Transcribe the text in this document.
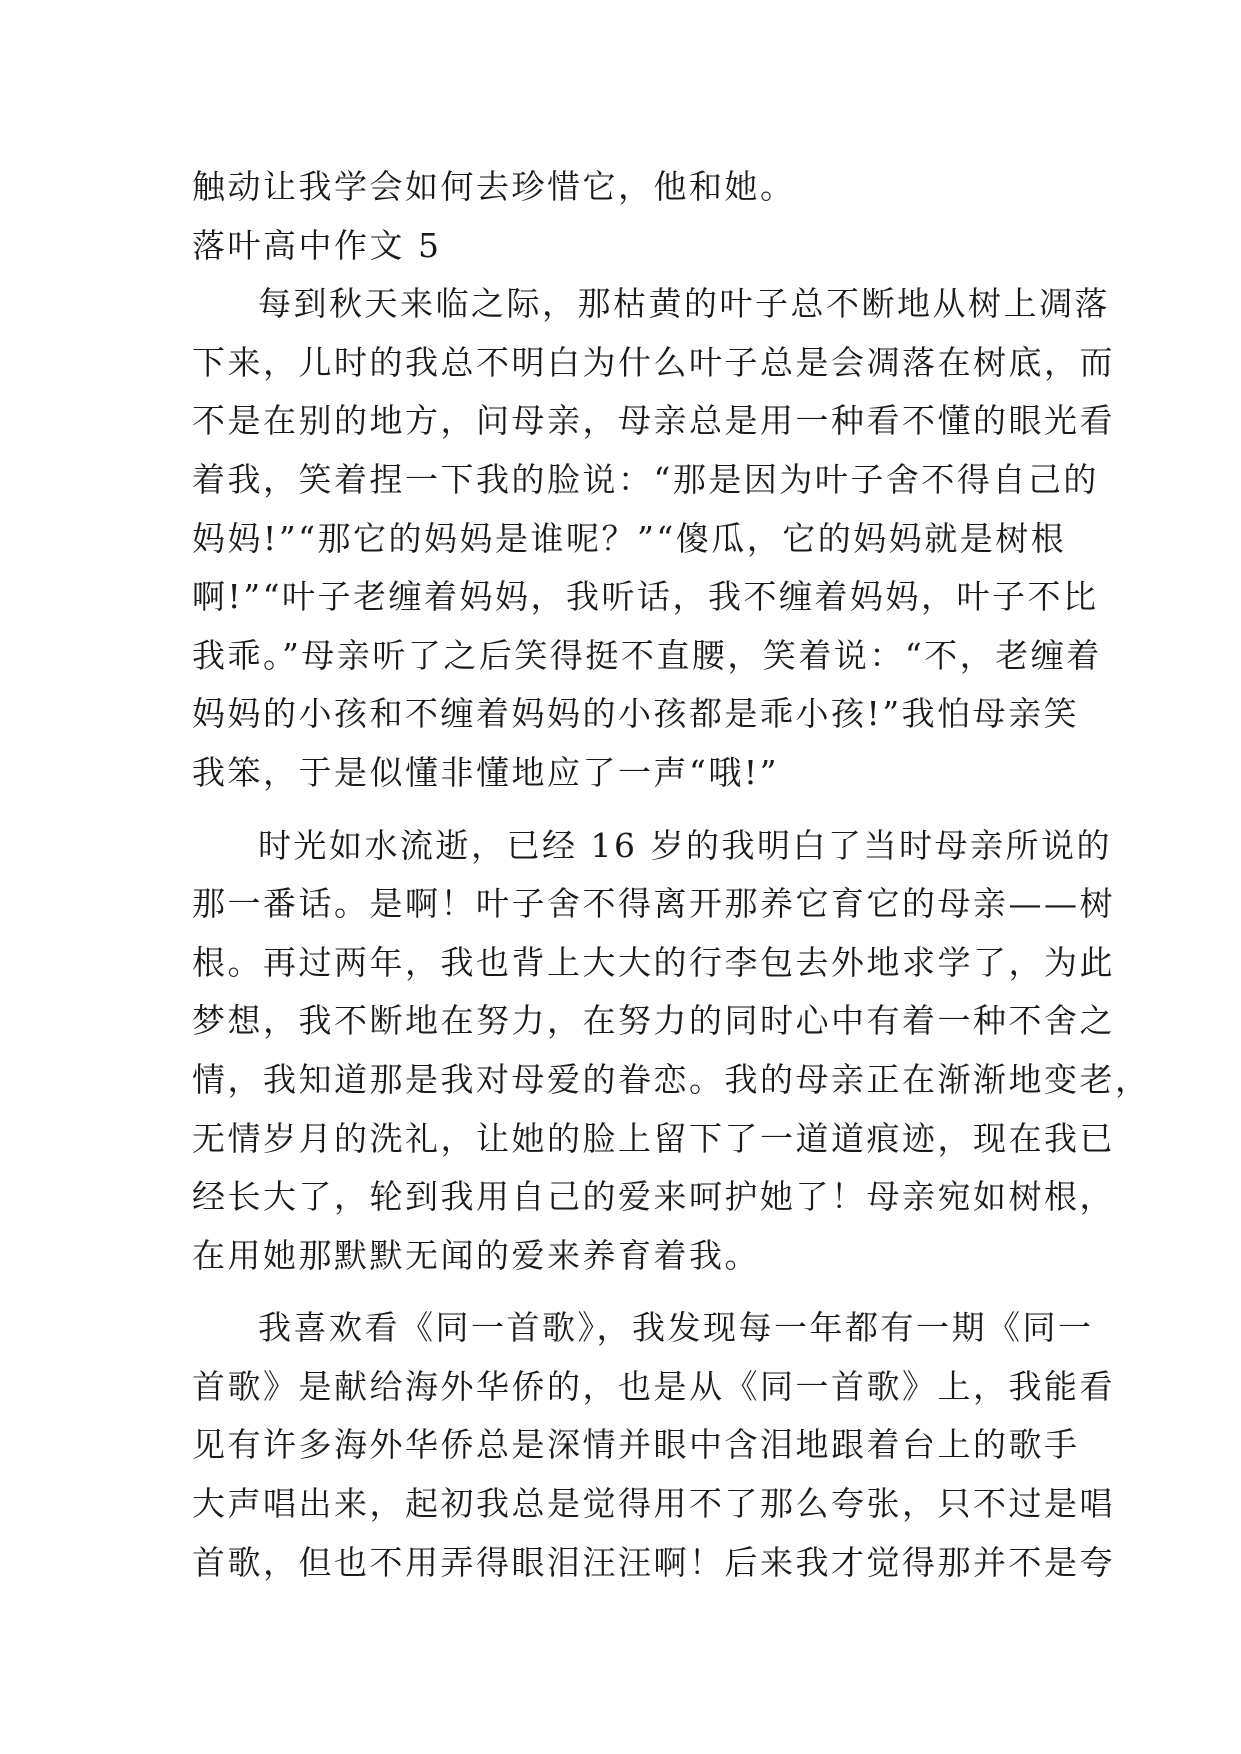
触动让我学会如何去珍惜它，他和她。
落叶高中作文 5
每到秋天来临之际，那枯黄的叶子总不断地从树上凋落
下来，儿时的我总不明白为什么叶子总是会凋落在树底，而
不是在别的地方，问母亲，母亲总是用一种看不懂的眼光看
着我，笑着捏一下我的脸说：“那是因为叶子舍不得自己的
妈妈!”“那它的妈妈是谁呢？”“傻瓜，它的妈妈就是树根
啊!”“叶子老缠着妈妈，我听话，我不缠着妈妈，叶子不比
我乖。”母亲听了之后笑得挺不直腰，笑着说：“不，老缠着
妈妈的小孩和不缠着妈妈的小孩都是乖小孩!”我怕母亲笑
我笨，于是似懂非懂地应了一声“哦!”
时光如水流逝，已经 16 岁的我明白了当时母亲所说的
那一番话。是啊！叶子舍不得离开那养它育它的母亲——树
根。再过两年，我也背上大大的行李包去外地求学了，为此
梦想，我不断地在努力，在努力的同时心中有着一种不舍之
情，我知道那是我对母爱的眷恋。我的母亲正在渐渐地变老，
无情岁月的洗礼，让她的脸上留下了一道道痕迹，现在我已
经长大了，轮到我用自己的爱来呵护她了！母亲宛如树根，
在用她那默默无闻的爱来养育着我。
我喜欢看《同一首歌》，我发现每一年都有一期《同一
首歌》是献给海外华侨的，也是从《同一首歌》上，我能看
见有许多海外华侨总是深情并眼中含泪地跟着台上的歌手
大声唱出来，起初我总是觉得用不了那么夸张，只不过是唱
首歌，但也不用弄得眼泪汪汪啊！后来我才觉得那并不是夸
